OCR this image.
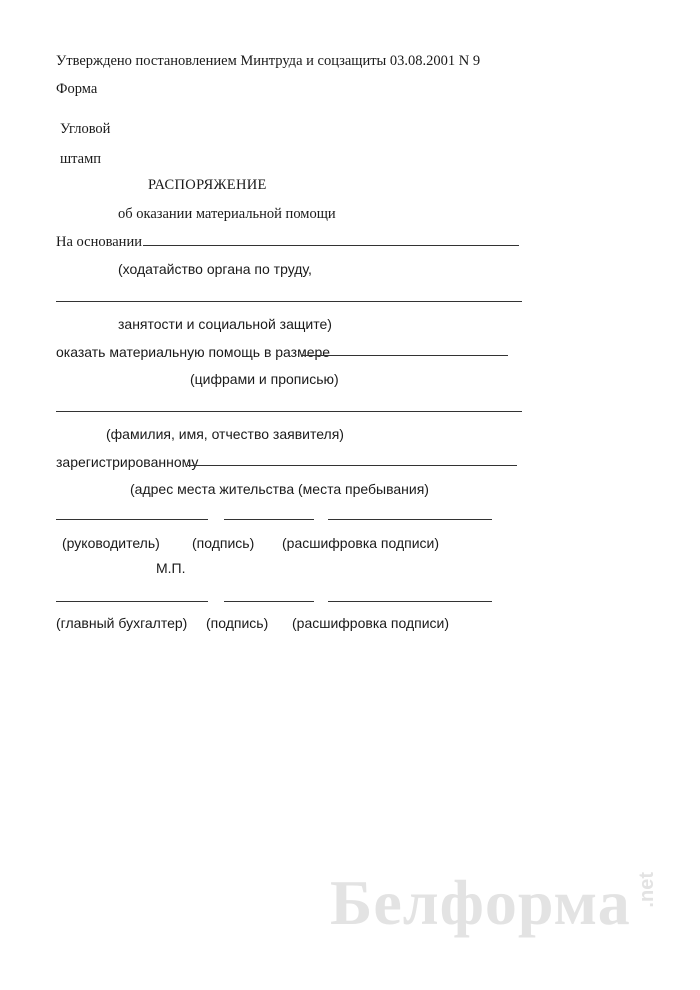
Утверждено постановлением Минтруда и соцзащиты 03.08.2001 N 9
Форма
Угловой
штамп
РАСПОРЯЖЕНИЕ
об оказании материальной помощи
На основании
(ходатайство органа по труду,
занятости и социальной защите)
оказать материальную помощь в размере
(цифрами и прописью)
(фамилия, имя, отчество заявителя)
зарегистрированному
(адрес места жительства (места пребывания)
(руководитель) (подпись) (расшифровка подписи)
М.П.
(главный бухгалтер) (подпись) (расшифровка подписи)
Белформа .net
